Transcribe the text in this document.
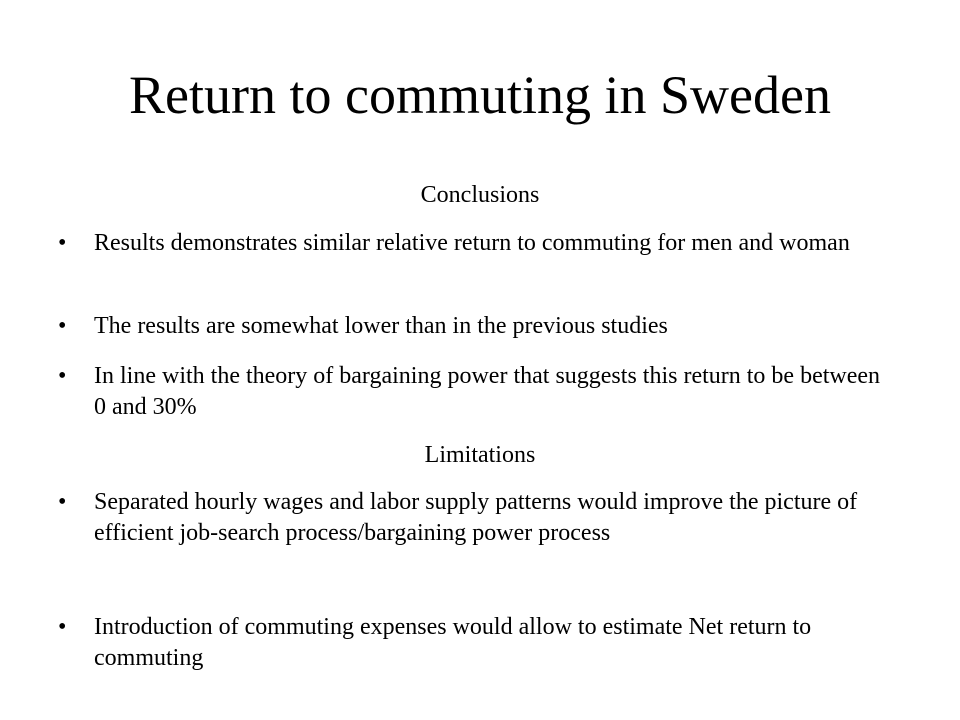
Return to commuting in Sweden
Conclusions
•	Results demonstrates similar relative return to commuting for men and woman
•	The results are somewhat lower than in the previous studies
•	In line with the theory of bargaining power that suggests this return to be between 0 and 30%
Limitations
•	Separated hourly wages and labor supply patterns would improve the picture of efficient job-search process/bargaining power process
•	Introduction of commuting expenses would allow to estimate Net return to commuting
